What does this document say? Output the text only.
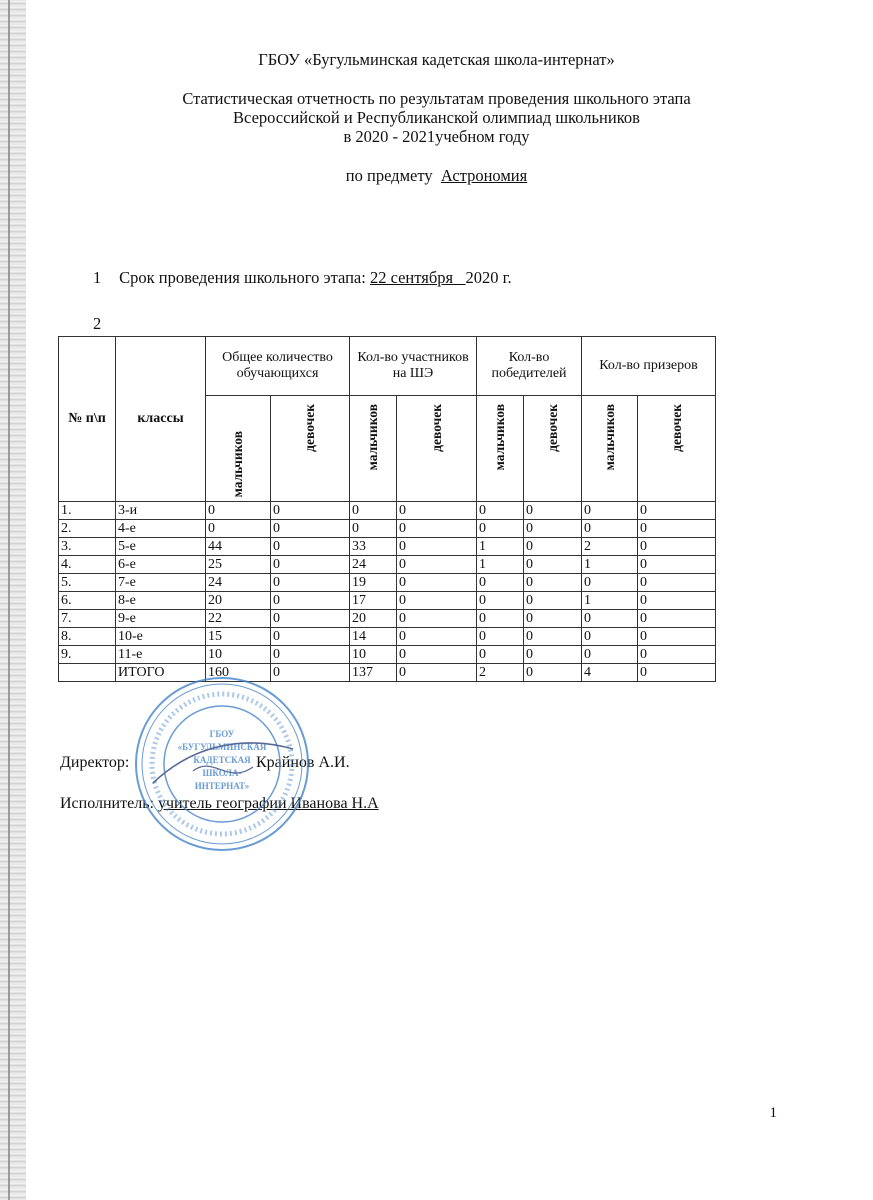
ГБОУ «Бугульминская кадетская школа-интернат»
Статистическая отчетность по результатам проведения школьного этапа
Всероссийской и Республиканской олимпиад школьников
в 2020 - 2021учебном году
по предмету Астрономия
1 Срок проведения школьного этапа: 22 сентября 2020 г.
2
№ п\п	классы	Общее количество обучающихся		Кол-во участников на ШЭ		Кол-во победителей		Кол-во призеров	

		мальчиков	девочек	мальчиков	девочек	мальчиков	девочек	мальчиков	девочек

1.	3-и	0	0	0	0	0	0	0	0
2.	4-е	0	0	0	0	0	0	0	0
3.	5-е	44	0	33	0	1	0	2	0
4.	6-е	25	0	24	0	1	0	1	0
5.	7-е	24	0	19	0	0	0	0	0
6.	8-е	20	0	17	0	0	0	1	0
7.	9-е	22	0	20	0	0	0	0	0
8.	10-е	15	0	14	0	0	0	0	0
9.	11-е	10	0	10	0	0	0	0	0
	ИТОГО	160	0	137	0	2	0	4	0
Директор:	Крайнов А.И.
Исполнитель: учитель географии Иванова Н.А
ГБОУ
«БУГУЛЬМИНСКАЯ
КАДЕТСКАЯ
ШКОЛА-
ИНТЕРНАТ»
1
